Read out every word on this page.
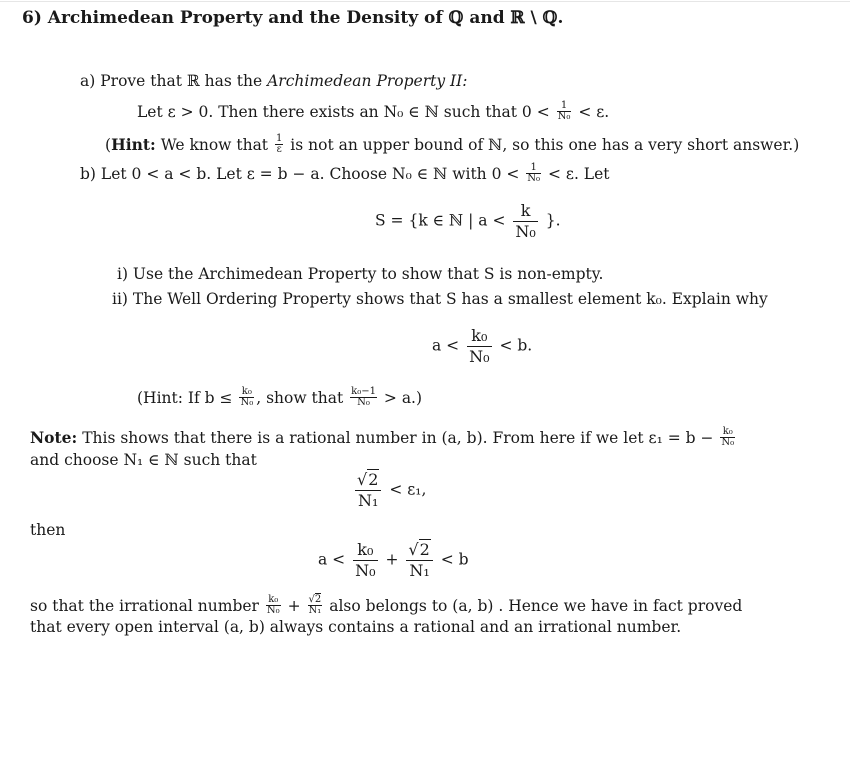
6) Archimedean Property and the Density of ℚ and ℝ \ ℚ.
a) Prove that ℝ has the Archimedean Property II:
Let ε > 0. Then there exists an N₀ ∈ ℕ such that $0 < \frac{1}{\text{N₀}} < \varepsilon$.
(Hint: We know that $\frac{1}{\varepsilon}$ is not an upper bound of ℕ, so this one has a very short answer.)
b) Let 0 < a < b. Let ε = b − a. Choose N₀ ∈ ℕ with $0 < \frac{1}{\text{N₀}} < \varepsilon$. Let
S = {k ∈ ℕ | $a < \frac{k}{\text{N₀}}$ }.
i) Use the Archimedean Property to show that S is non-empty.
ii) The Well Ordering Property shows that S has a smallest element k₀. Explain why
$a < \frac{\text{k₀}}{\text{N₀}} < b$.
(Hint: If $b \le \frac{\text{k₀}}{\text{N₀}}$ , show that $\frac{\text{k₀−1}}{\text{N₀}} > a$.)
Note: This shows that there is a rational number in (a, b). From here if we let $\varepsilon_1 = b - \frac{\text{k₀}}{\text{N₀}}$
and choose N₁ ∈ ℕ such that
$\frac{√2}{\text{N₁}} < \varepsilon_1$,
then
$a < \frac{\text{k₀}}{\text{N₀}} + \frac{√2}{\text{N₁}} < b$
so that the irrational number $\frac{\text{k₀}}{\text{N₀}} + \frac{√2}{\text{N₁}}$ also belongs to (a, b) . Hence we have in fact proved
that every open interval (a, b) always contains a rational and an irrational number.
